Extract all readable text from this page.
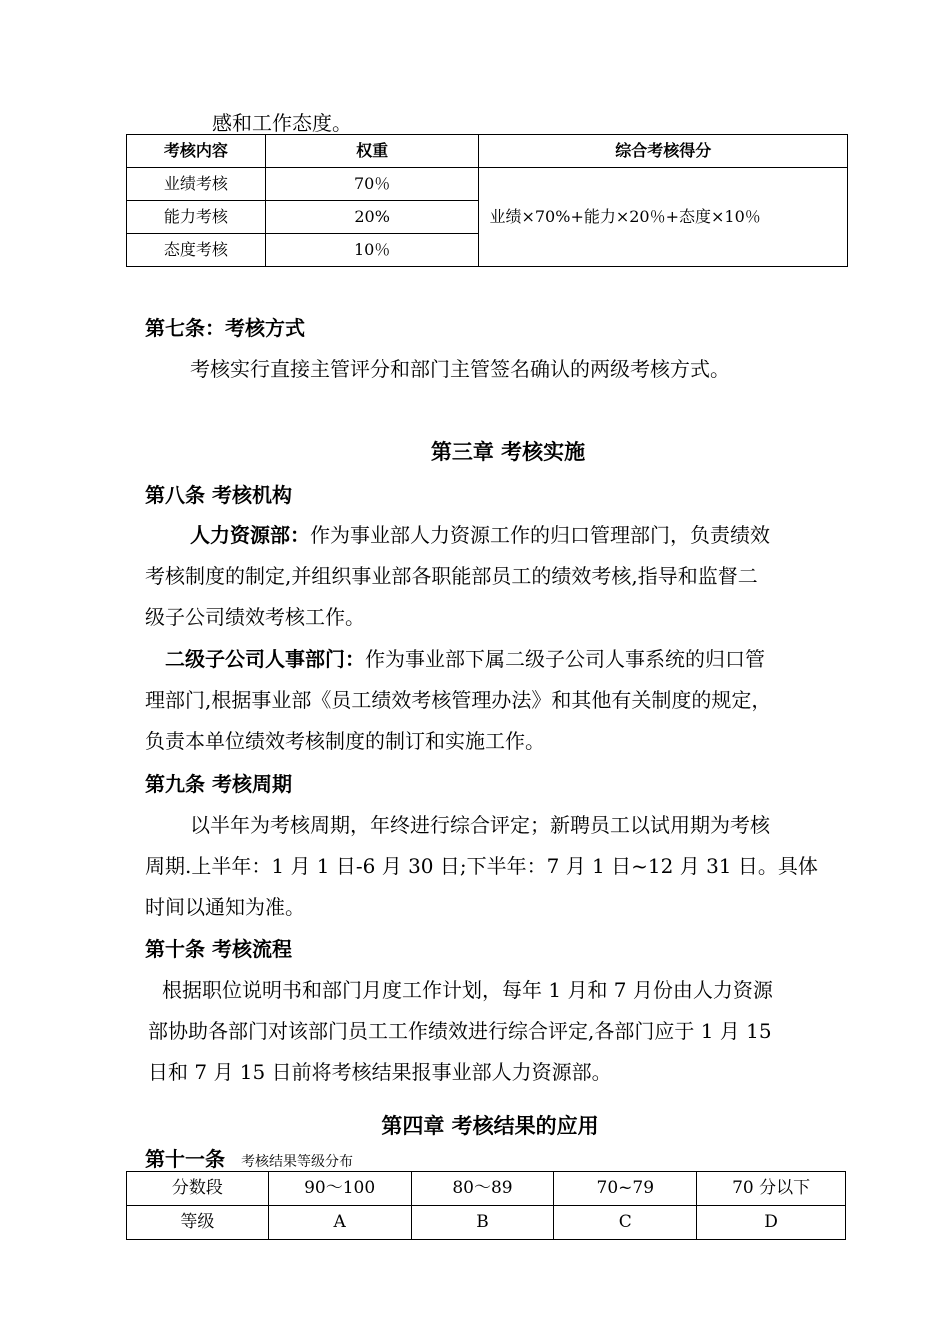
感和工作态度。
考核内容	权重	综合考核得分
业绩考核	70％	业绩×70%+能力×20％+态度×10％
能力考核	20%	
态度考核	10％	
第七条：考核方式
考核实行直接主管评分和部门主管签名确认的两级考核方式。
第三章 考核实施
第八条 考核机构
人力资源部：作为事业部人力资源工作的归口管理部门，负责绩效
考核制度的制定,并组织事业部各职能部员工的绩效考核,指导和监督二
级子公司绩效考核工作。
二级子公司人事部门：作为事业部下属二级子公司人事系统的归口管
理部门,根据事业部《员工绩效考核管理办法》和其他有关制度的规定，
负责本单位绩效考核制度的制订和实施工作。
第九条 考核周期
以半年为考核周期，年终进行综合评定；新聘员工以试用期为考核
周期.上半年：1 月 1 日-6 月 30 日;下半年：7 月 1 日~12 月 31 日。具体
时间以通知为准。
第十条 考核流程
根据职位说明书和部门月度工作计划，每年 1 月和 7 月份由人力资源
部协助各部门对该部门员工工作绩效进行综合评定,各部门应于 1 月 15
日和 7 月 15 日前将考核结果报事业部人力资源部。
第四章 考核结果的应用
第十一条 考核结果等级分布
分数段	90～100	80～89	70~79	70 分以下
等级	A	B	C	D
